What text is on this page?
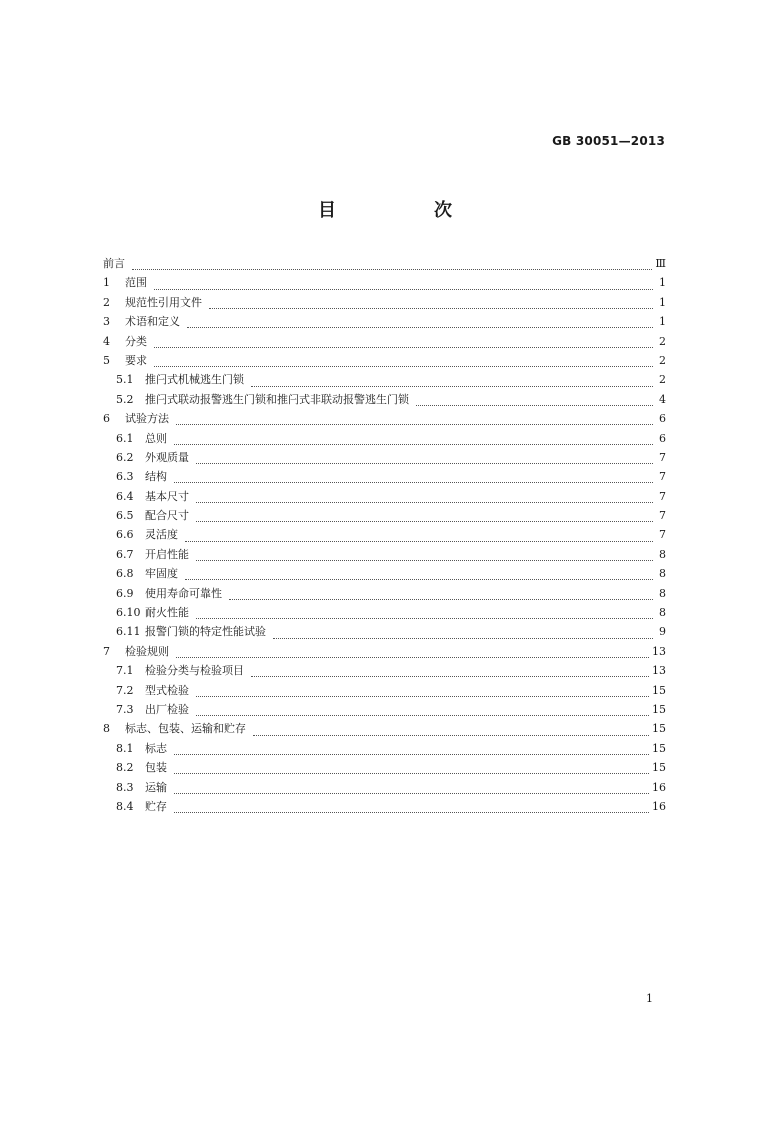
GB 30051—2013
目　次
前言	Ⅲ
1	范围	1
2	规范性引用文件	1
3	术语和定义	1
4	分类	2
5	要求	2
5.1	推闩式机械逃生门锁	2
5.2	推闩式联动报警逃生门锁和推闩式非联动报警逃生门锁	4
6	试验方法	6
6.1	总则	6
6.2	外观质量	7
6.3	结构	7
6.4	基本尺寸	7
6.5	配合尺寸	7
6.6	灵活度	7
6.7	开启性能	8
6.8	牢固度	8
6.9	使用寿命可靠性	8
6.10 耐火性能	8
6.11 报警门锁的特定性能试验	9
7	检验规则	13
7.1	检验分类与检验项目	13
7.2	型式检验	15
7.3	出厂检验	15
8	标志、包装、运输和贮存	15
8.1	标志	15
8.2	包装	15
8.3	运输	16
8.4	贮存	16
1
